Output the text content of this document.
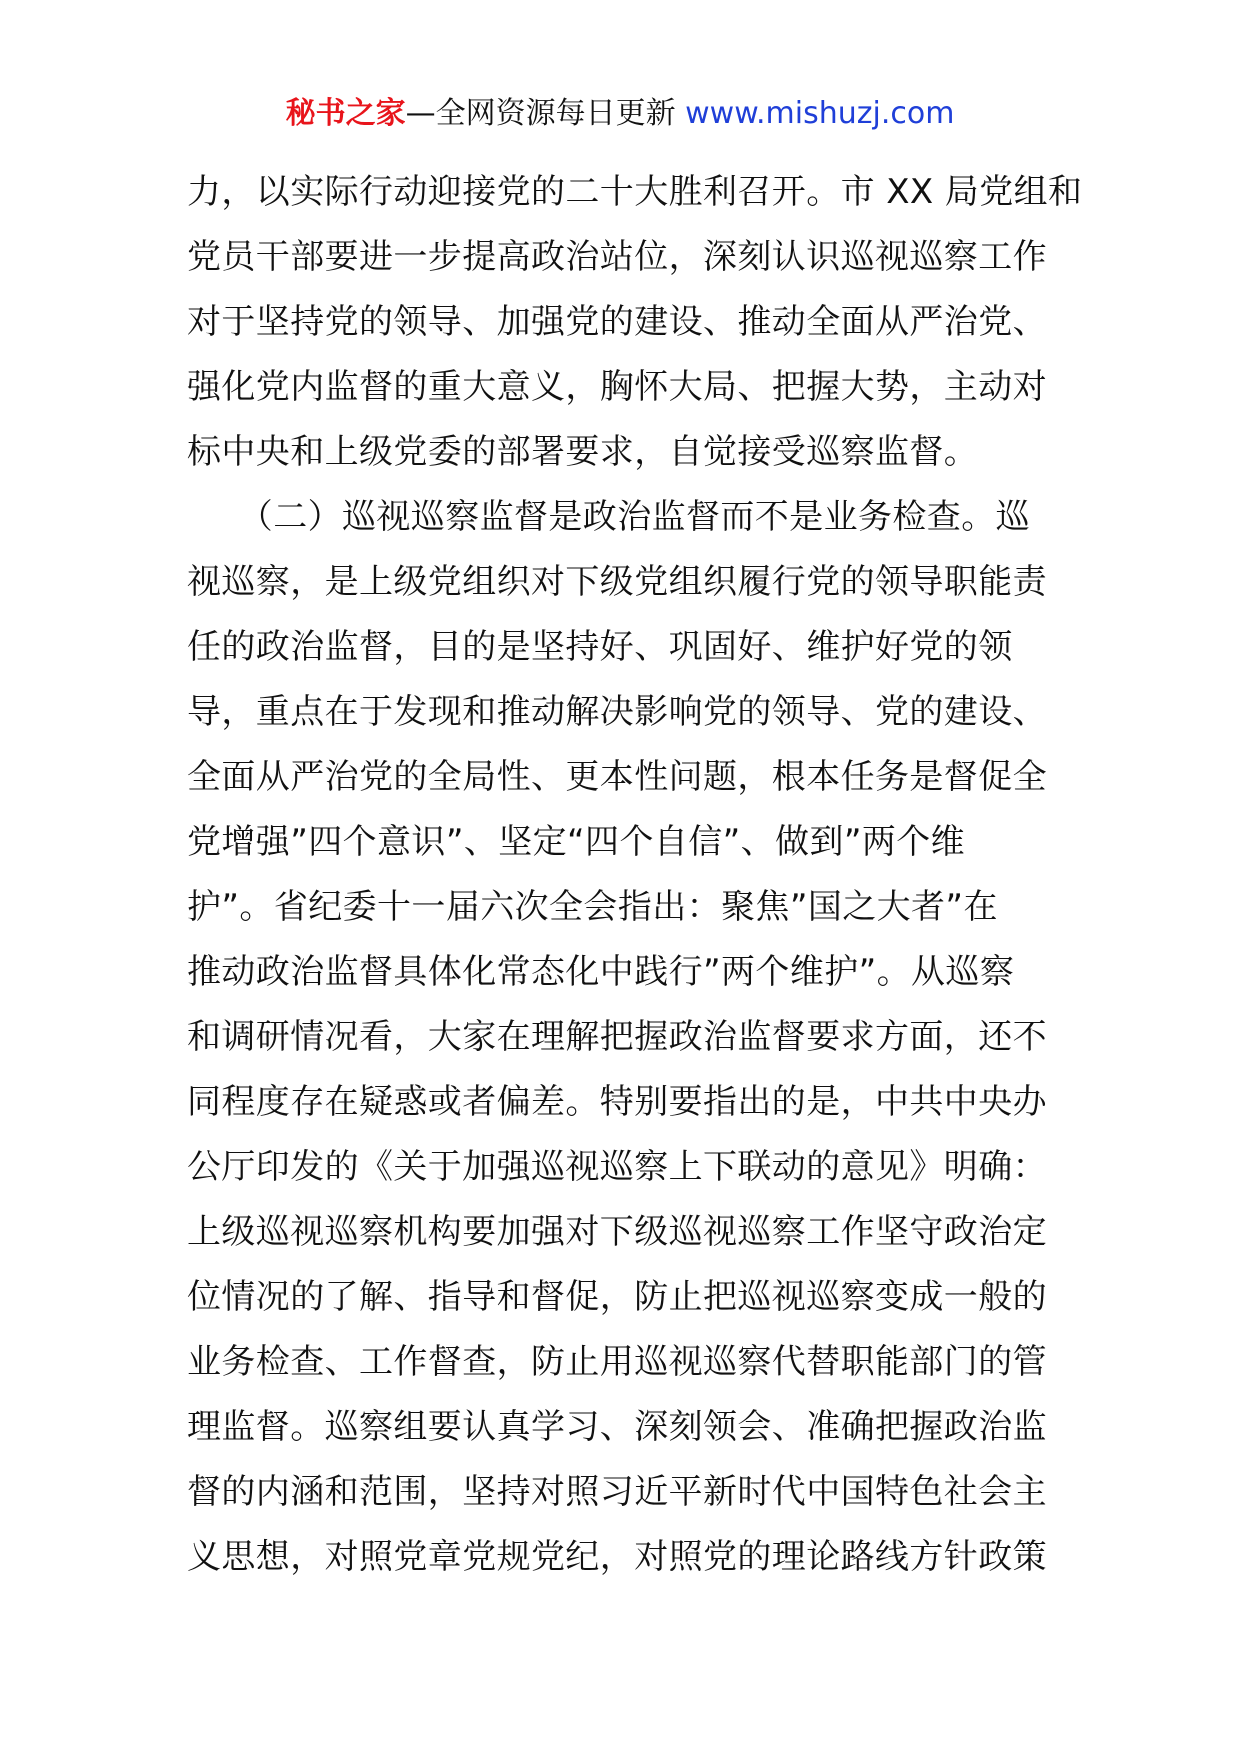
秘书之家—全网资源每日更新 www.mishuzj.com
力，以实际行动迎接党的二十大胜利召开。市 XX 局党组和
党员干部要进一步提高政治站位，深刻认识巡视巡察工作
对于坚持党的领导、加强党的建设、推动全面从严治党、
强化党内监督的重大意义，胸怀大局、把握大势，主动对
标中央和上级党委的部署要求，自觉接受巡察监督。
　　（二）巡视巡察监督是政治监督而不是业务检查。巡
视巡察，是上级党组织对下级党组织履行党的领导职能责
任的政治监督，目的是坚持好、巩固好、维护好党的领
导，重点在于发现和推动解决影响党的领导、党的建设、
全面从严治党的全局性、更本性问题，根本任务是督促全
党增强”四个意识”、坚定“四个自信”、做到”两个维
护”。省纪委十一届六次全会指出：聚焦”国之大者”在
推动政治监督具体化常态化中践行”两个维护”。从巡察
和调研情况看，大家在理解把握政治监督要求方面，还不
同程度存在疑惑或者偏差。特别要指出的是，中共中央办
公厅印发的《关于加强巡视巡察上下联动的意见》明确：
上级巡视巡察机构要加强对下级巡视巡察工作坚守政治定
位情况的了解、指导和督促，防止把巡视巡察变成一般的
业务检查、工作督查，防止用巡视巡察代替职能部门的管
理监督。巡察组要认真学习、深刻领会、准确把握政治监
督的内涵和范围，坚持对照习近平新时代中国特色社会主
义思想，对照党章党规党纪，对照党的理论路线方针政策
